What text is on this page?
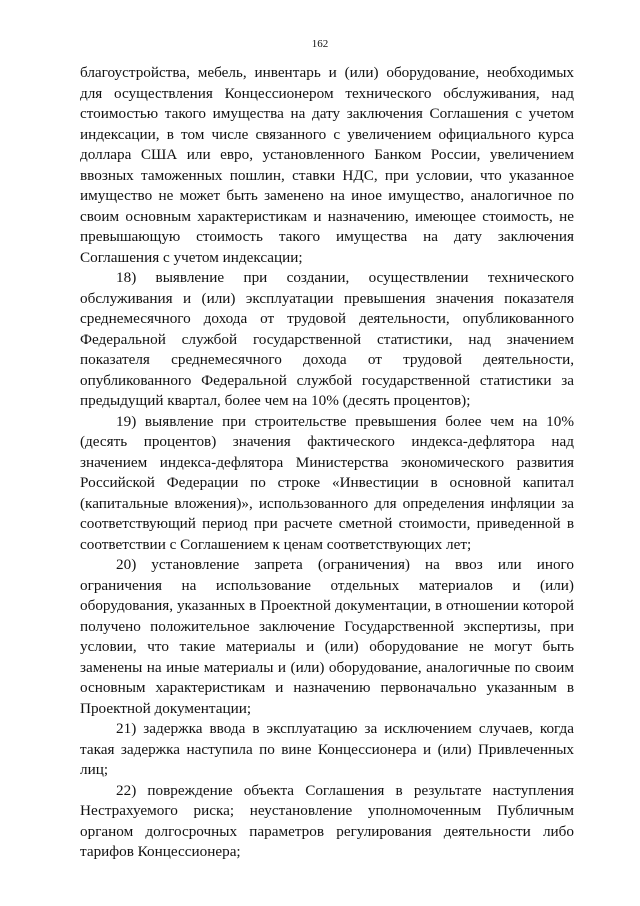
162

благоустройства, мебель, инвентарь и (или) оборудование, необходимых для осуществления Концессионером технического обслуживания, над стоимостью такого имущества на дату заключения Соглашения с учетом индексации, в том числе связанного с увеличением официального курса доллара США или евро, установленного Банком России, увеличением ввозных таможенных пошлин, ставки НДС, при условии, что указанное имущество не может быть заменено на иное имущество, аналогичное по своим основным характеристикам и назначению, имеющее стоимость, не превышающую стоимость такого имущества на дату заключения Соглашения с учетом индексации;

18) выявление при создании, осуществлении технического обслуживания и (или) эксплуатации превышения значения показателя среднемесячного дохода от трудовой деятельности, опубликованного Федеральной службой государственной статистики, над значением показателя среднемесячного дохода от трудовой деятельности, опубликованного Федеральной службой государственной статистики за предыдущий квартал, более чем на 10% (десять процентов);

19) выявление при строительстве превышения более чем на 10% (десять процентов) значения фактического индекса-дефлятора над значением индекса-дефлятора Министерства экономического развития Российской Федерации по строке «Инвестиции в основной капитал (капитальные вложения)», использованного для определения инфляции за соответствующий период при расчете сметной стоимости, приведенной в соответствии с Соглашением к ценам соответствующих лет;

20) установление запрета (ограничения) на ввоз или иного ограничения на использование отдельных материалов и (или) оборудования, указанных в Проектной документации, в отношении которой получено положительное заключение Государственной экспертизы, при условии, что такие материалы и (или) оборудование не могут быть заменены на иные материалы и (или) оборудование, аналогичные по своим основным характеристикам и назначению первоначально указанным в Проектной документации;

21) задержка ввода в эксплуатацию за исключением случаев, когда такая задержка наступила по вине Концессионера и (или) Привлеченных лиц;

22) повреждение объекта Соглашения в результате наступления Нестрахуемого риска; неустановление уполномоченным Публичным органом долгосрочных параметров регулирования деятельности либо тарифов Концессионера;
